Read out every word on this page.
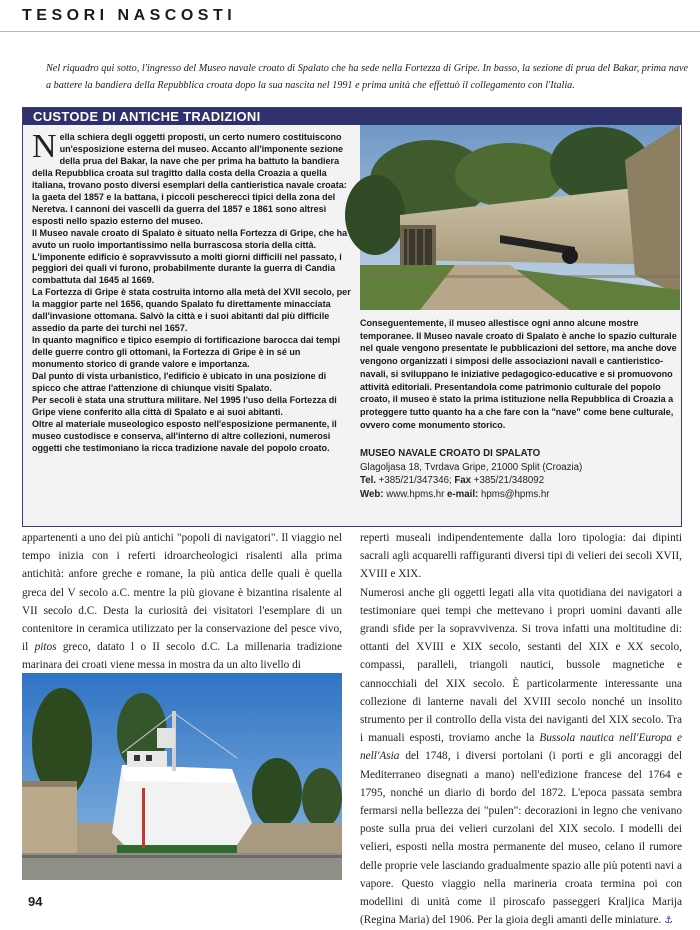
TESORI NASCOSTI
Nel riquadro qui sotto, l'ingresso del Museo navale croato di Spalato che ha sede nella Fortezza di Gripe. In basso, la sezione di prua del Bakar, prima nave a battere la bandiera della Repubblica croata dopo la sua nascita nel 1991 e prima unità che effettuò il collegamento con l'Italia.
CUSTODE DI ANTICHE TRADIZIONI

Nella schiera degli oggetti proposti, un certo numero costituiscono un'esposizione esterna del museo. Accanto all'imponente sezione della prua del Bakar, la nave che per prima ha battuto la bandiera della Repubblica croata sul tragitto dalla costa della Croazia a quella italiana, trovano posto diversi esemplari della cantieristica navale croata: la gaeta del 1857 e la battana, i piccoli pescherecci tipici della zona del Neretva. I cannoni dei vascelli da guerra del 1857 e 1861 sono altresì esposti nello spazio esterno del museo.

Il Museo navale croato di Spalato è situato nella Fortezza di Gripe, che ha avuto un ruolo importantissimo nella burrascosa storia della città. L'imponente edificio è sopravvissuto a molti giorni difficili nel passato, i peggiori dei quali vi furono, probabilmente durante la guerra di Candia combattuta dal 1645 al 1669.

La Fortezza di Gripe è stata costruita intorno alla metà del XVII secolo, per la maggior parte nel 1656, quando Spalato fu direttamente minacciata dall'invasione ottomana. Salvò la città e i suoi abitanti dal più difficile assedio da parte dei turchi nel 1657.

In quanto magnifico e tipico esempio di fortificazione barocca dai tempi delle guerre contro gli ottomani, la Fortezza di Gripe è in sé un monumento storico di grande valore e importanza.

Dal punto di vista urbanistico, l'edificio è ubicato in una posizione di spicco che attrae l'attenzione di chiunque visiti Spalato.

Per secoli è stata una struttura militare. Nel 1995 l'uso della Fortezza di Gripe viene conferito alla città di Spalato e ai suoi abitanti.

Oltre al materiale museologico esposto nell'esposizione permanente, il museo custodisce e conserva, all'interno di altre collezioni, numerosi oggetti che testimoniano la ricca tradizione navale del popolo croato.

Conseguentemente, il museo allestisce ogni anno alcune mostre temporanee. Il Museo navale croato di Spalato è anche lo spazio culturale nel quale vengono presentate le pubblicazioni del settore, ma anche dove vengono organizzati i simposi delle associazioni navali e cantieristico-navali, si sviluppano le iniziative pedagogico-educative e si promuovono attività editoriali. Presentandola come patrimonio culturale del popolo croato, il museo è stato la prima istituzione nella Repubblica di Croazia a proteggere tutto quanto ha a che fare con la "nave" come bene culturale, ovvero come monumento storico.
MUSEO NAVALE CROATO DI SPALATO
Glagoljasa 18, Tvrdava Gripe, 21000 Split (Croazia)
Tel. +385/21/347346; Fax +385/21/348092
Web: www.hpms.hr e-mail: hpms@hpms.hr
appartenenti a uno dei più antichi "popoli di navigatori". Il viaggio nel tempo inizia con i referti idroarcheologici risalenti alla prima antichità: anfore greche e romane, la più antica delle quali è quella greca del V secolo a.C. mentre la più giovane è bizantina risalente al VII secolo d.C. Desta la curiosità dei visitatori l'esemplare di un contenitore in ceramica utilizzato per la conservazione del pesce vivo, il pitos greco, datato l o II secolo d.C. La millenaria tradizione marinara dei croati viene messa in mostra da un alto livello di

reperti museali indipendentemente dalla loro tipologia: dai dipinti sacrali agli acquarelli raffiguranti diversi tipi di velieri dei secoli XVII, XVIII e XIX.

Numerosi anche gli oggetti legati alla vita quotidiana dei navigatori a testimoniare quei tempi che mettevano i propri uomini davanti alle grandi sfide per la sopravvivenza. Si trova infatti una moltitudine di: ottanti del XVIII e XIX secolo, sestanti del XIX e XX secolo, compassi, paralleli, triangoli nautici, bussole magnetiche e cannocchiali del XIX secolo. È particolarmente interessante una collezione di lanterne navali del XVIII secolo nonché un insolito strumento per il controllo della vista dei naviganti del XIX secolo. Tra i manuali esposti, troviamo anche la Bussola nautica nell'Europa e nell'Asia del 1748, i diversi portolani (i porti e gli ancoraggi del Mediterraneo disegnati a mano) nell'edizione francese del 1764 e 1795, nonché un diario di bordo del 1872. L'epoca passata sembra fermarsi nella bellezza dei "pulen": decorazioni in legno che venivano poste sulla prua dei velieri curzolani del XIX secolo. I modelli dei velieri, esposti nella mostra permanente del museo, celano il rumore delle proprie vele lasciando gradualmente spazio alle più potenti navi a vapore. Questo viaggio nella marineria croata termina poi con modellini di unità come il piroscafo passeggeri Kraljica Marija (Regina Maria) del 1906. Per la gioia degli amanti delle miniature. ⚓

94
